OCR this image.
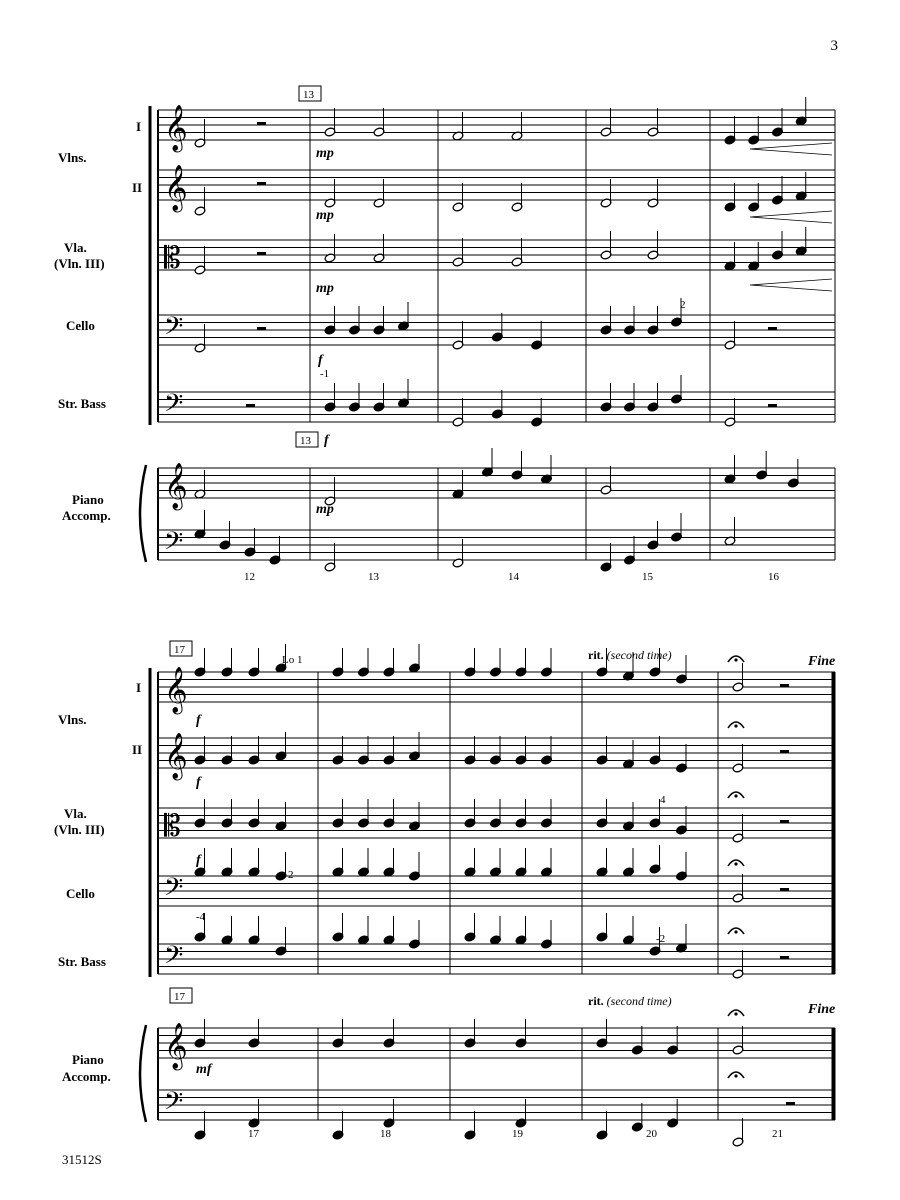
3
31512S
𝄞
𝄞
𝄞
𝄞
𝄡
𝄡
𝄢
𝄢
𝄢
𝄢
𝄞
𝄞
𝄢
𝄢
Vlns.
I
II
Vla.
(Vln. III)
Cello
Str. Bass
Piano
Accomp.
Vlns.
I
II
Vla.
(Vln. III)
Cello
Str. Bass
Piano
Accomp.
13
13
17
17
mp
mp
mp
f
-1
f
mp
2
12	13	14	15	16
Lo 1	rit. (second time)	Fine
rit. (second time)
Fine
f
f
f
mf
2
-4
-2
4
17	18	19	20	21
